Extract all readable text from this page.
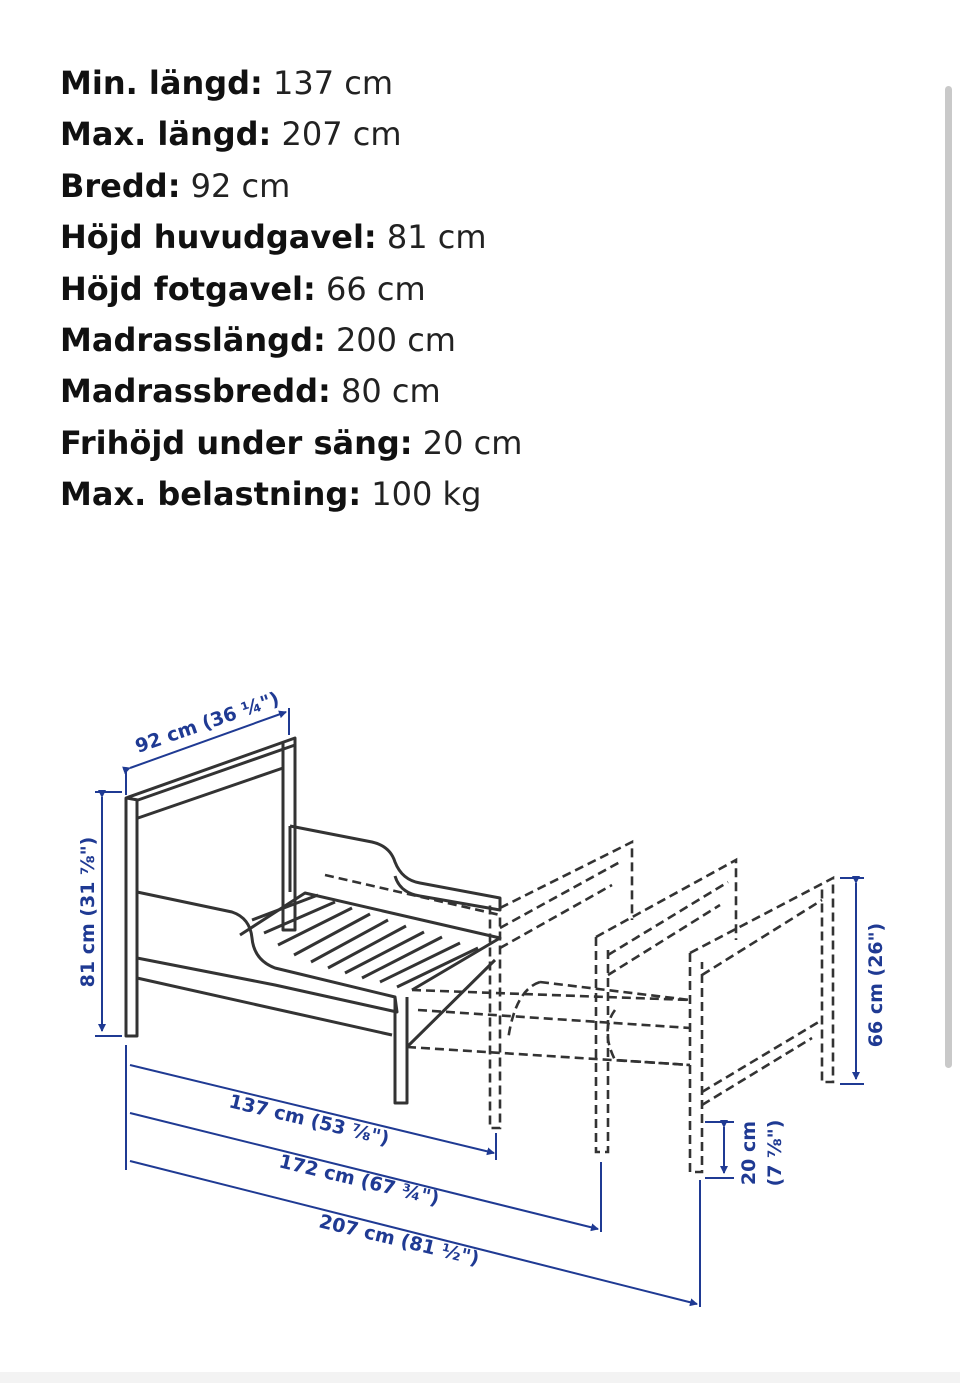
Min. längd: 137 cm
Max. längd: 207 cm
Bredd: 92 cm
Höjd huvudgavel: 81 cm
Höjd fotgavel: 66 cm
Madrasslängd: 200 cm
Madrassbredd: 80 cm
Frihöjd under säng: 20 cm
Max. belastning: 100 kg
92 cm (36 ¼")
81 cm (31 ⅞")	66 cm (26")
137 cm (53 ⅞")
172 cm (67 ¾")
207 cm (81 ½")
20 cm (7 ⅞")
